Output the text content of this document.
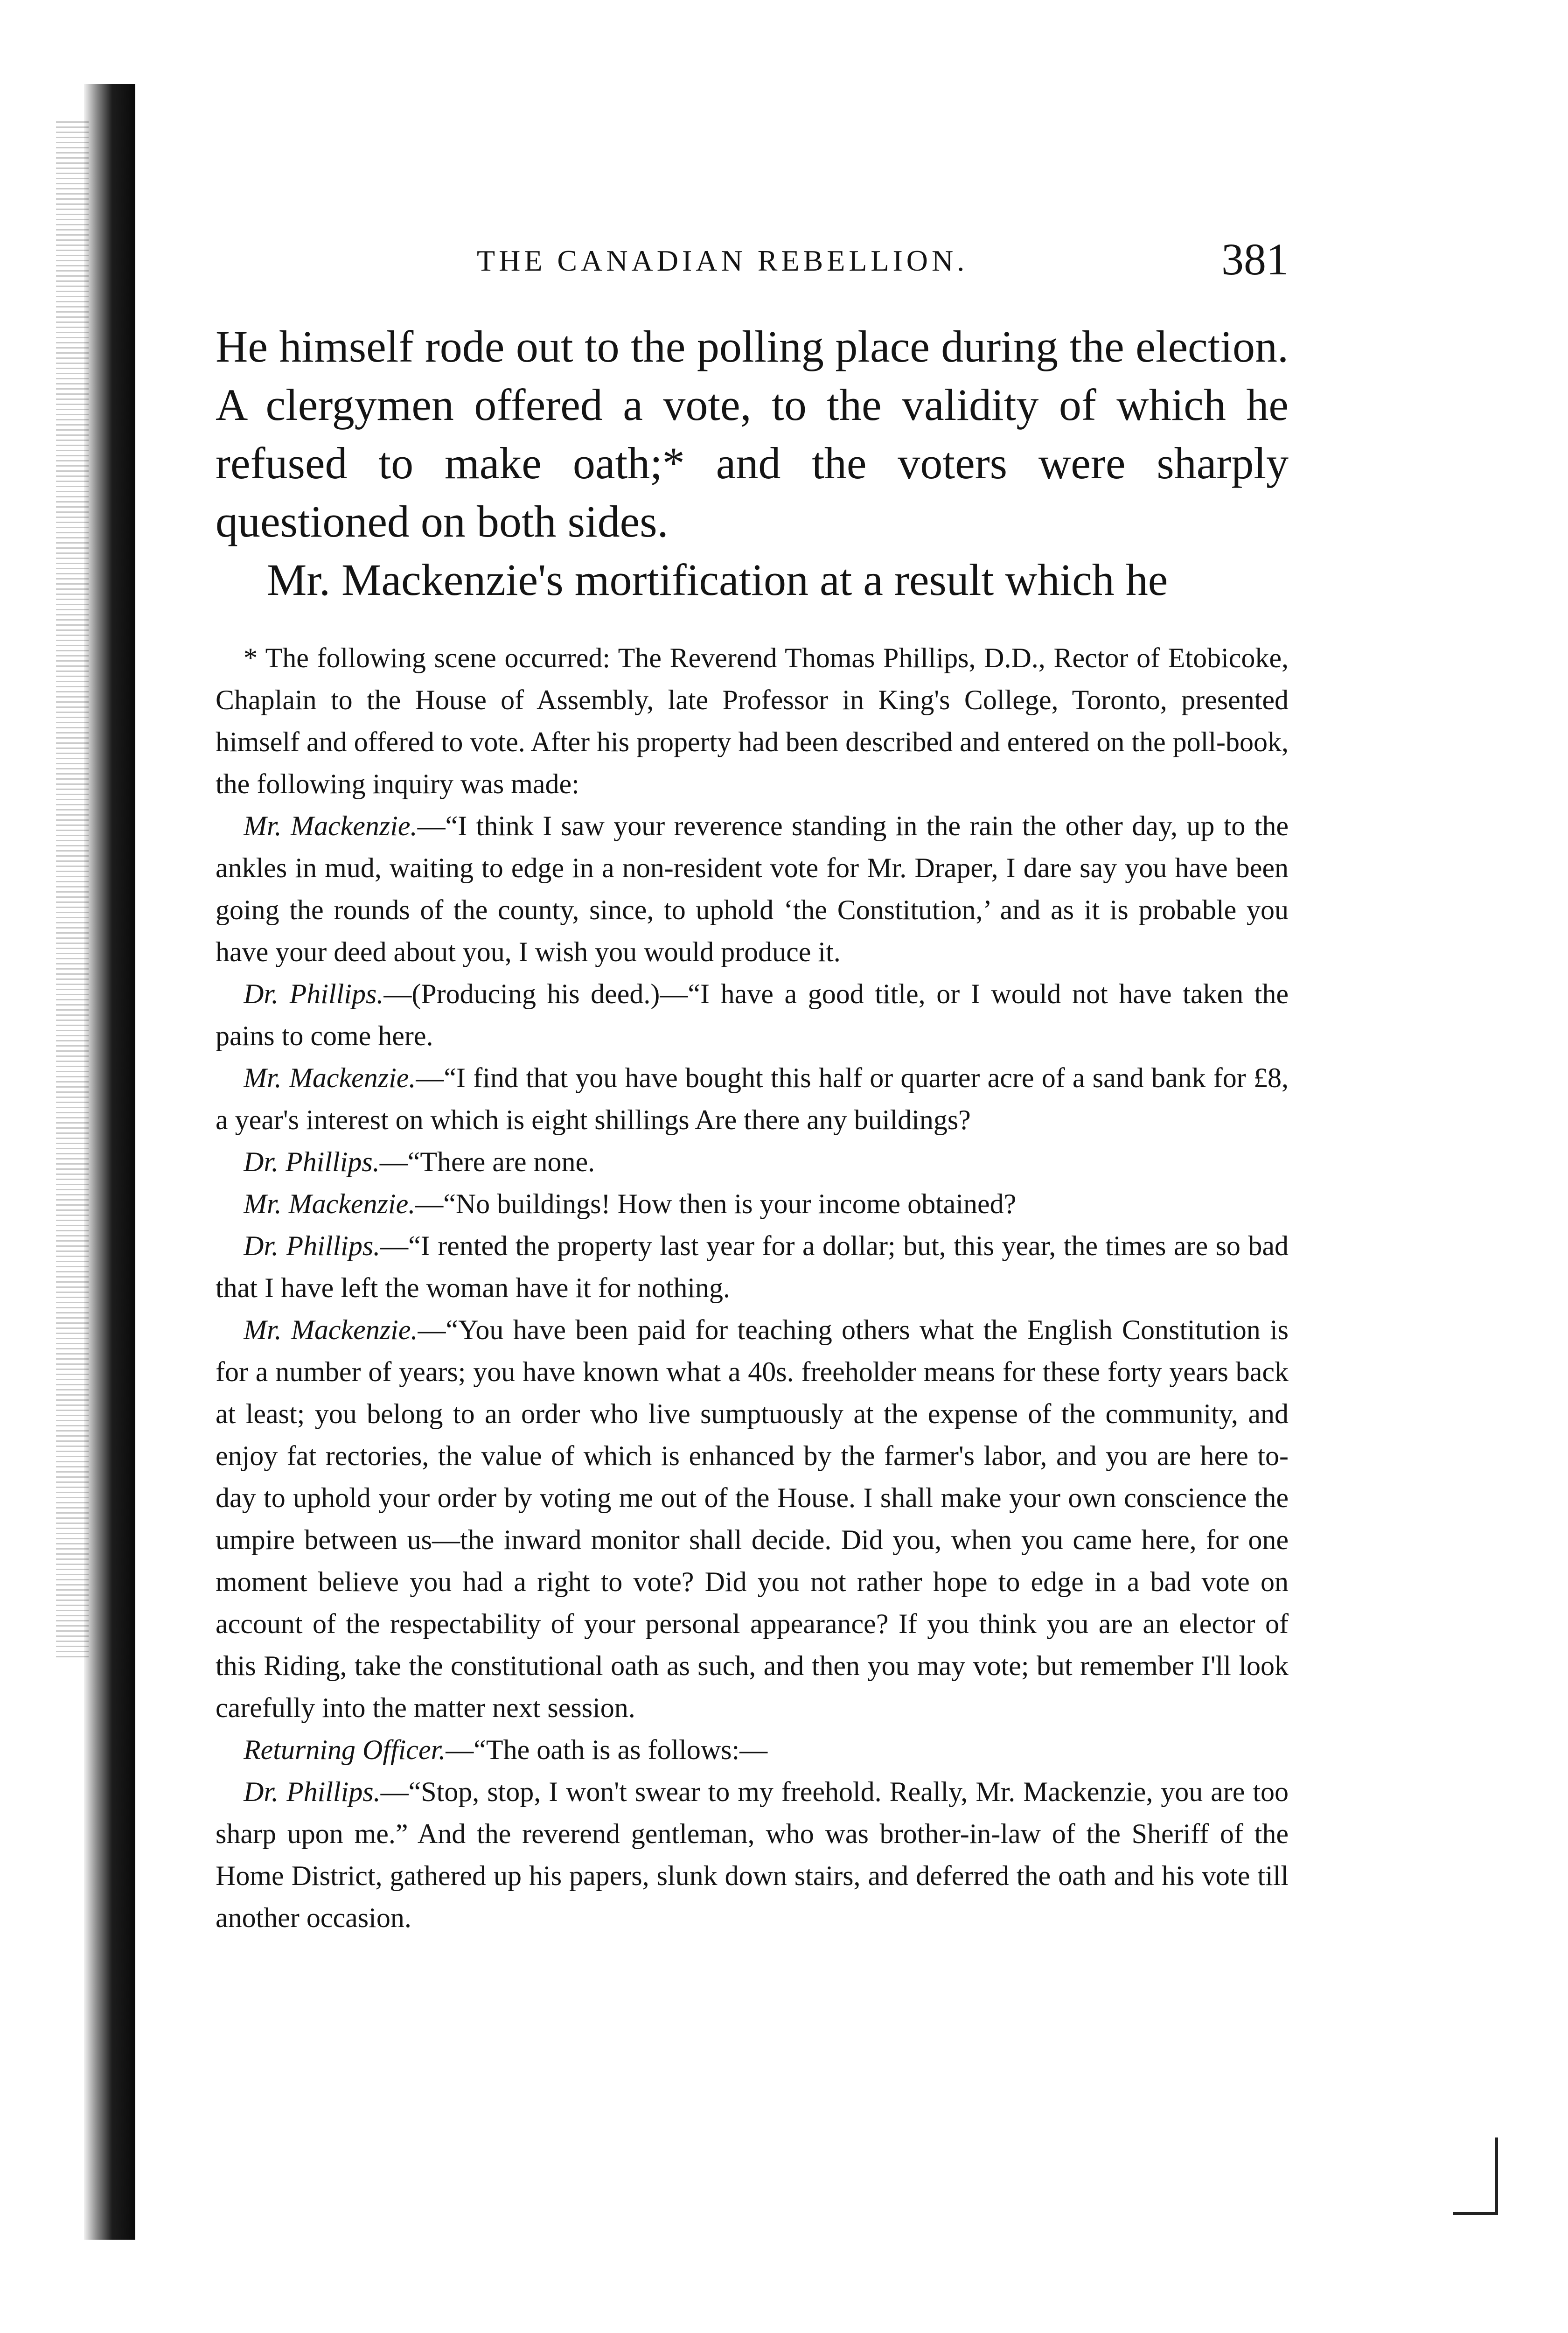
THE CANADIAN REBELLION.	381

He himself rode out to the polling place during the election. A clergymen offered a vote, to the validity of which he refused to make oath;* and the voters were sharply questioned on both sides.

Mr. Mackenzie's mortification at a result which he

* The following scene occurred: The Reverend Thomas Phillips, D.D., Rector of Etobicoke, Chaplain to the House of Assembly, late Professor in King's College, Toronto, presented himself and offered to vote. After his property had been described and entered on the poll-book, the following inquiry was made:

Mr. Mackenzie.—“I think I saw your reverence standing in the rain the other day, up to the ankles in mud, waiting to edge in a non-resident vote for Mr. Draper, I dare say you have been going the rounds of the county, since, to uphold ‘the Constitution,’ and as it is probable you have your deed about you, I wish you would produce it.

Dr. Phillips.—(Producing his deed.)—“I have a good title, or I would not have taken the pains to come here.

Mr. Mackenzie.—“I find that you have bought this half or quarter acre of a sand bank for £8, a year's interest on which is eight shillings Are there any buildings?

Dr. Phillips.—“There are none.

Mr. Mackenzie.—“No buildings! How then is your income obtained?

Dr. Phillips.—“I rented the property last year for a dollar; but, this year, the times are so bad that I have left the woman have it for nothing.

Mr. Mackenzie.—“You have been paid for teaching others what the English Constitution is for a number of years; you have known what a 40s. freeholder means for these forty years back at least; you belong to an order who live sumptuously at the expense of the community, and enjoy fat rectories, the value of which is enhanced by the farmer's labor, and you are here to-day to uphold your order by voting me out of the House. I shall make your own conscience the umpire between us—the inward monitor shall decide. Did you, when you came here, for one moment believe you had a right to vote? Did you not rather hope to edge in a bad vote on account of the respectability of your personal appearance? If you think you are an elector of this Riding, take the constitutional oath as such, and then you may vote; but remember I'll look carefully into the matter next session.

Returning Officer.—“The oath is as follows:—

Dr. Phillips.—“Stop, stop, I won't swear to my freehold. Really, Mr. Mackenzie, you are too sharp upon me.” And the reverend gentleman, who was brother-in-law of the Sheriff of the Home District, gathered up his papers, slunk down stairs, and deferred the oath and his vote till another occasion.
